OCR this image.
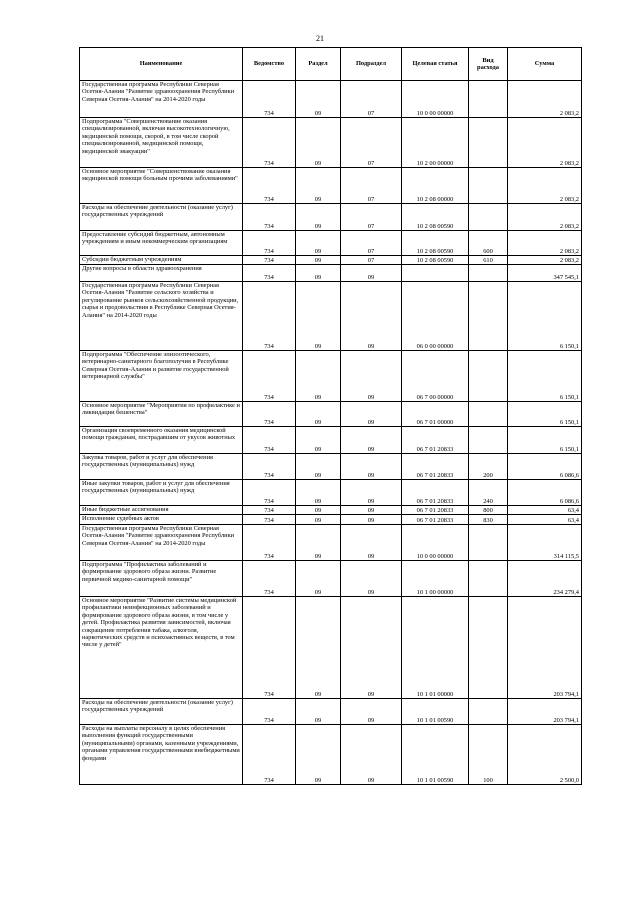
21
Наименование	Ведомство	Раздел	Подраздел	Целевая статья	Вид расхода	Сумма

Государственная программа Республики Северная Осетия-Алания "Развитие здравоохранения Республики Северная Осетия-Алания" на 2014-2020 годы	734	09	07	10 0 00 00000		2 083,2

Подпрограмма "Совершенствование оказания специализированной, включая высокотехнологичную, медицинской помощи, скорой, в том числе скорой специализированной, медицинской помощи, медицинской эвакуации"	734	09	07	10 2 00 00000		2 083,2

Основное мероприятие "Совершенствование оказания медицинской помощи больным прочими заболеваниями"	734	09	07	10 2 08 00000		2 083,2

Расходы на обеспечение деятельности (оказание услуг) государственных учреждений	734	09	07	10 2 08 00590		2 083,2

Предоставление субсидий бюджетным, автономным учреждениям и иным некоммерческим организациям	734	09	07	10 2 08 00590	600	2 083,2

Субсидии бюджетным учреждениям	734	09	07	10 2 08 00590	610	2 083,2

Другие вопросы в области здравоохранения	734	09	09			347 545,1

Государственная программа Республики Северная Осетия-Алания "Развитие сельского хозяйства и регулирование рынков сельскохозяйственной продукции, сырья и продовольствия в Республике Северная Осетия-Алания" на 2014-2020 годы	734	09	09	06 0 00 00000		6 150,1

Подпрограмма "Обеспечение эпизоотического, ветеринарно-санитарного благополучия в Республике Северная Осетия-Алания и развитие государственной ветеринарной службы"	734	09	09	06 7 00 00000		6 150,1

Основное мероприятие "Мероприятия по профилактике и ликвидации бешенства"	734	09	09	06 7 01 00000		6 150,1

Организация своевременного оказания медицинской помощи гражданам, пострадавшим от укусов животных	734	09	09	06 7 01 20833		6 150,1

Закупка товаров, работ и услуг для обеспечения государственных (муниципальных) нужд	734	09	09	06 7 01 20833	200	6 086,6

Иные закупки товаров, работ и услуг для обеспечения государственных (муниципальных) нужд	734	09	09	06 7 01 20833	240	6 086,6

Иные бюджетные ассигнования	734	09	09	06 7 01 20833	800	63,4

Исполнение судебных актов	734	09	09	06 7 01 20833	830	63,4

Государственная программа Республики Северная Осетия-Алания "Развитие здравоохранения Республики Северная Осетия-Алания" на 2014-2020 годы	734	09	09	10 0 00 00000		314 115,5

Подпрограмма "Профилактика заболеваний и формирование здорового образа жизни. Развитие первичной медико-санитарной помощи"	734	09	09	10 1 00 00000		234 279,4

Основное мероприятие "Развитие системы медицинской профилактики неинфекционных заболеваний и формирование здорового образа жизни, в том числе у детей. Профилактика развития зависимостей, включая сокращение потребления табака, алкоголя, наркотических средств и психоактивных веществ, в том числе у детей"	734	09	09	10 1 01 00000		203 794,1

Расходы на обеспечение деятельности (оказание услуг) государственных учреждений	734	09	09	10 1 01 00590		203 794,1

Расходы на выплаты персоналу в целях обеспечения выполнения функций государственными (муниципальными) органами, казенными учреждениями, органами управления государственными внебюджетными фондами	734	09	09	10 1 01 00590	100	2 500,0
